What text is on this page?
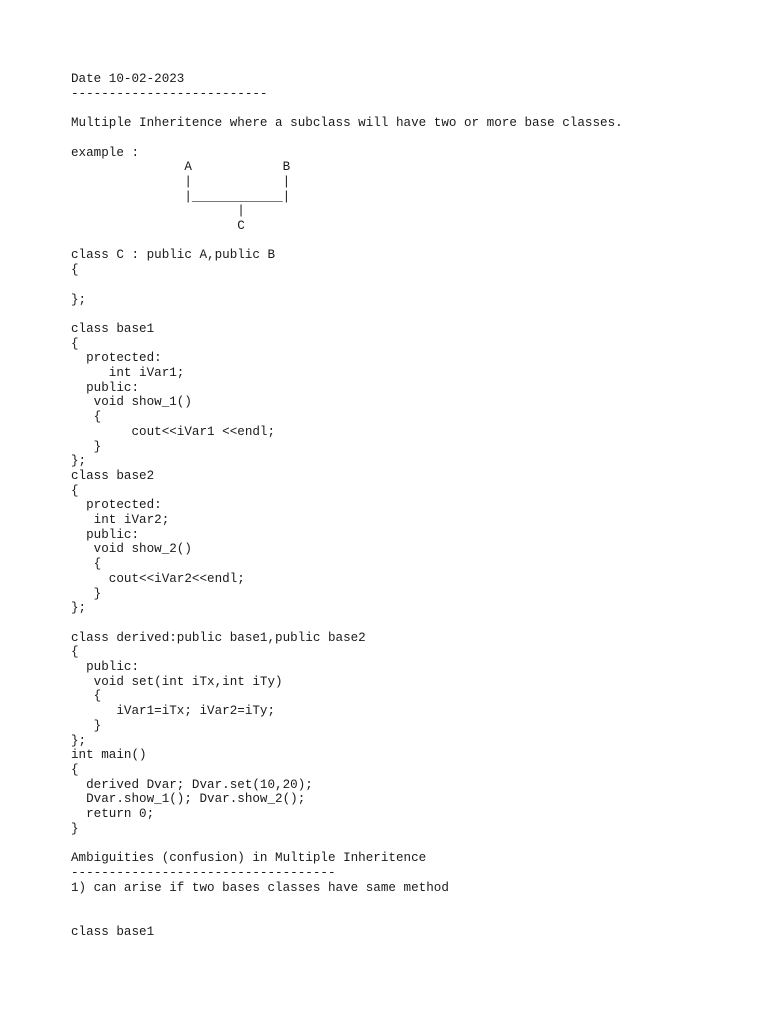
Date 10-02-2023
--------------------------
Multiple Inheritence where a subclass will have two or more base classes.
example :
A            B
|            |
|____________|
|
C
class C : public A,public B
{
};
class base1
{
protected:
int iVar1;
public:
void show_1()
{
cout<<iVar1 <<endl;
}
};
class base2
{
protected:
int iVar2;
public:
void show_2()
{
cout<<iVar2<<endl;
}
};
class derived:public base1,public base2
{
public:
void set(int iTx,int iTy)
{
iVar1=iTx; iVar2=iTy;
}
};
int main()
{
derived Dvar; Dvar.set(10,20);
Dvar.show_1(); Dvar.show_2();
return 0;
}
Ambiguities (confusion) in Multiple Inheritence
-----------------------------------
1) can arise if two bases classes have same method
class base1
